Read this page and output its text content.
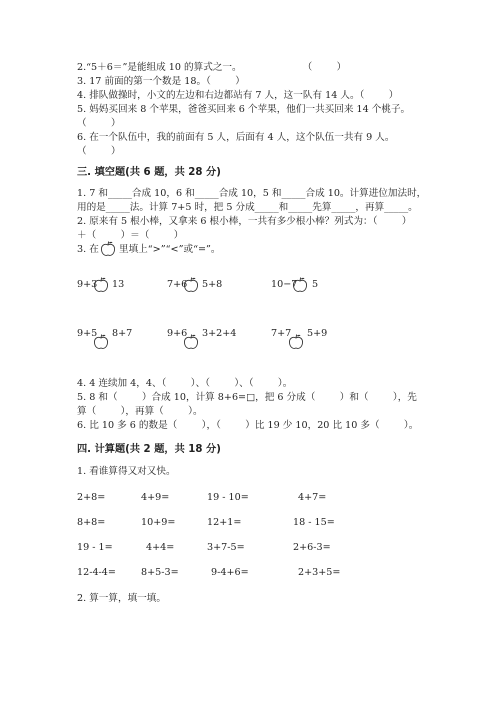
2.“5＋6＝”是能组成 10 的算式之一。                    （        ）
3. 17 前面的第一个数是 18。（        ）
4. 排队做操时，小文的左边和右边都站有 7 人，这一队有 14 人。（        ）
5. 妈妈买回来 8 个苹果，爸爸买回来 6 个苹果，他们一共买回来 14 个桃子。
（        ）
6. 在一个队伍中，我的前面有 5 人，后面有 4 人，这个队伍一共有 9 人。
（        ）
三. 填空题(共 6 题，共 28 分)
1. 7 和_____合成 10，6 和_____合成 10，5 和_____合成 10。计算进位加法时，
用的是_____法。计算 7+5 时，把 5 分成_____和_____先算_____，再算_____。
2. 原来有 5 根小棒，又拿来 6 根小棒，一共有多少根小棒？列式为：（        ）
＋（        ）＝（        ）
3. 在 里填上“>”“<”或“=”。
9+3 13	7+6 5+8	10−7 5
9+5 8+7	9+6 3+2+4	7+7 5+9
4. 4 连续加 4，4、（        ）、（        ）、（        ）。
5. 8 和（        ）合成 10，计算 8+6=□，把 6 分成（        ）和（        ），先
算（        ），再算（        ）。
6. 比 10 多 6 的数是（        ），（        ）比 19 少 10，20 比 10 多（        ）。
四. 计算题(共 2 题，共 18 分)
1. 看谁算得又对又快。
2+8=	4+9=	19 - 10=	4+7=
8+8=	10+9=	12+1=	18 - 15=
19 - 1=	4+4=	3+7-5=	2+6-3=
12-4-4=	8+5-3=	9-4+6=	2+3+5=
2. 算一算，填一填。
